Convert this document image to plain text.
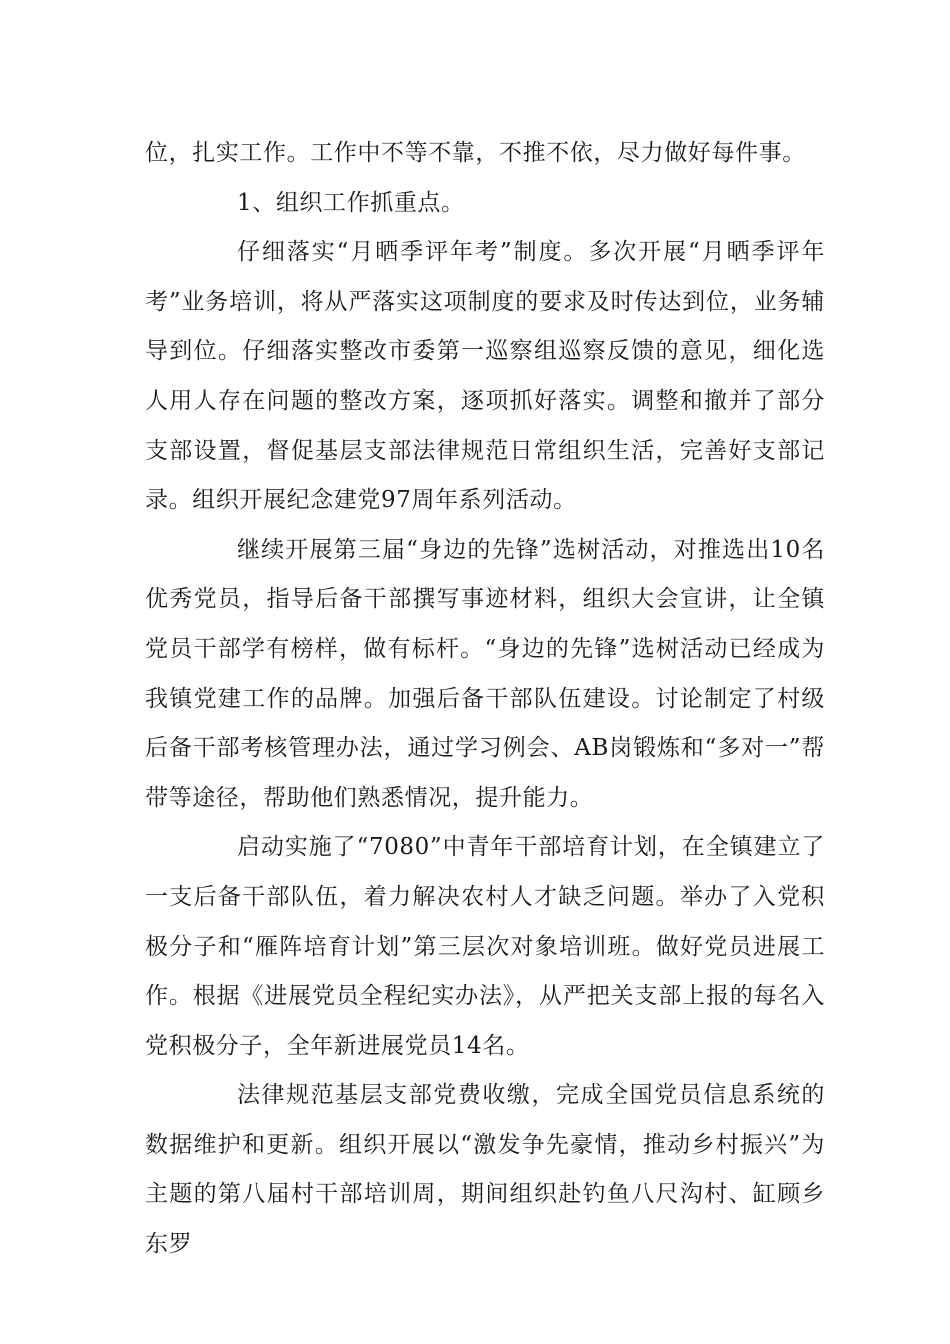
位，扎实工作。工作中不等不靠，不推不依，尽力做好每件事。

1、组织工作抓重点。

仔细落实“月晒季评年考”制度。多次开展“月晒季评年考”业务培训，将从严落实这项制度的要求及时传达到位，业务辅导到位。仔细落实整改市委第一巡察组巡察反馈的意见，细化选人用人存在问题的整改方案，逐项抓好落实。调整和撤并了部分支部设置，督促基层支部法律规范日常组织生活，完善好支部记录。组织开展纪念建党97周年系列活动。

继续开展第三届“身边的先锋”选树活动，对推选出10名优秀党员，指导后备干部撰写事迹材料，组织大会宣讲，让全镇党员干部学有榜样，做有标杆。“身边的先锋”选树活动已经成为我镇党建工作的品牌。加强后备干部队伍建设。讨论制定了村级后备干部考核管理办法，通过学习例会、AB岗锻炼和“多对一”帮带等途径，帮助他们熟悉情况，提升能力。

启动实施了“7080”中青年干部培育计划，在全镇建立了一支后备干部队伍，着力解决农村人才缺乏问题。举办了入党积极分子和“雁阵培育计划”第三层次对象培训班。做好党员进展工作。根据《进展党员全程纪实办法》，从严把关支部上报的每名入党积极分子，全年新进展党员14名。

法律规范基层支部党费收缴，完成全国党员信息系统的数据维护和更新。组织开展以“激发争先豪情，推动乡村振兴”为主题的第八届村干部培训周，期间组织赴钓鱼八尺沟村、缸顾乡东罗
